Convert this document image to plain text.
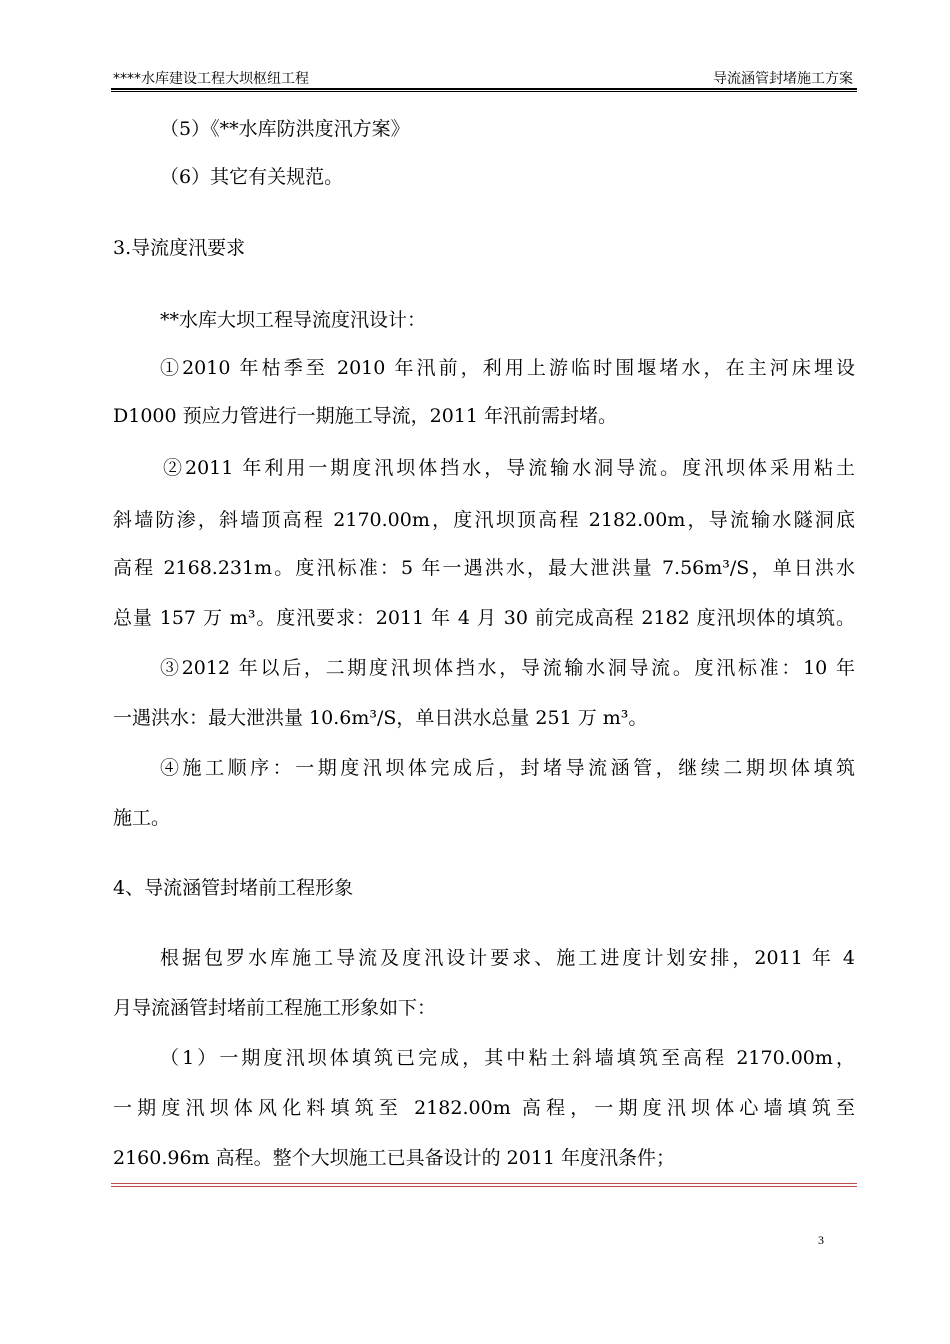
****水库建设工程大坝枢纽工程	导流涵管封堵施工方案
（5）《**水库防洪度汛方案》
（6）其它有关规范。
3.导流度汛要求
**水库大坝工程导流度汛设计：
①2010 年枯季至 2010 年汛前，利用上游临时围堰堵水，在主河床埋设
D1000 预应力管进行一期施工导流，2011 年汛前需封堵。
②2011 年利用一期度汛坝体挡水，导流输水洞导流。度汛坝体采用粘土
斜墙防渗，斜墙顶高程 2170.00m，度汛坝顶高程 2182.00m，导流输水隧洞底
高程 2168.231m。度汛标准：5 年一遇洪水，最大泄洪量 7.56m³/S，单日洪水
总量 157 万 m³。度汛要求：2011 年 4 月 30 前完成高程 2182 度汛坝体的填筑。
③2012 年以后，二期度汛坝体挡水，导流输水洞导流。度汛标准：10 年
一遇洪水：最大泄洪量 10.6m³/S，单日洪水总量 251 万 m³。
④施工顺序：一期度汛坝体完成后，封堵导流涵管，继续二期坝体填筑
施工。
4、导流涵管封堵前工程形象
根据包罗水库施工导流及度汛设计要求、施工进度计划安排，2011 年 4
月导流涵管封堵前工程施工形象如下：
（1）一期度汛坝体填筑已完成，其中粘土斜墙填筑至高程 2170.00m，
一期度汛坝体风化料填筑至 2182.00m 高程，一期度汛坝体心墙填筑至
2160.96m 高程。整个大坝施工已具备设计的 2011 年度汛条件；
3
